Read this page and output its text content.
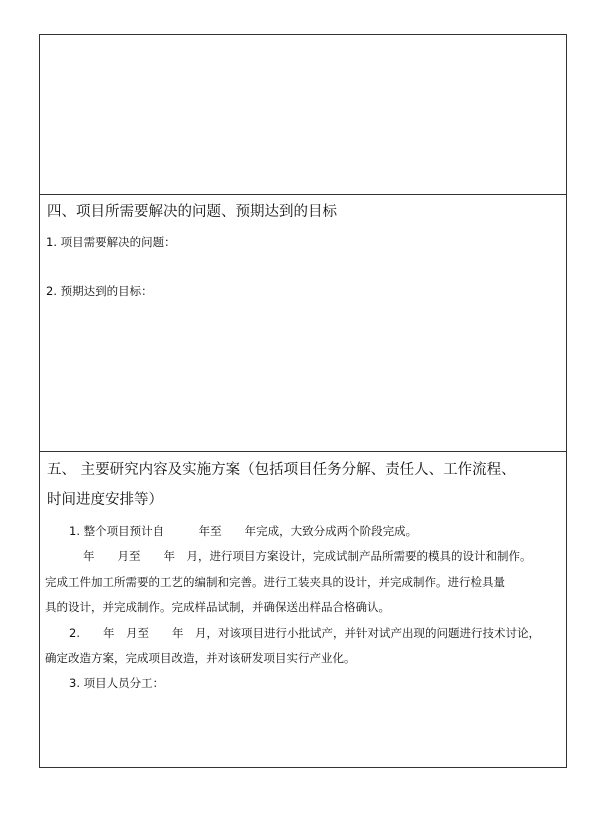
四、项目所需要解决的问题、预期达到的目标
1. 项目需要解决的问题：
2. 预期达到的目标：
五、 主要研究内容及实施方案（包括项目任务分解、责任人、工作流程、
时间进度安排等）
1. 整个项目预计自　　　年至　　年完成，大致分成两个阶段完成。
年　　月至　　年　月，进行项目方案设计，完成试制产品所需要的模具的设计和制作。
完成工件加工所需要的工艺的编制和完善。进行工装夹具的设计，并完成制作。进行检具量
具的设计，并完成制作。完成样品试制，并确保送出样品合格确认。
2.　　年　月至　　年　月，对该项目进行小批试产，并针对试产出现的问题进行技术讨论，
确定改造方案，完成项目改造，并对该研发项目实行产业化。
3. 项目人员分工：
